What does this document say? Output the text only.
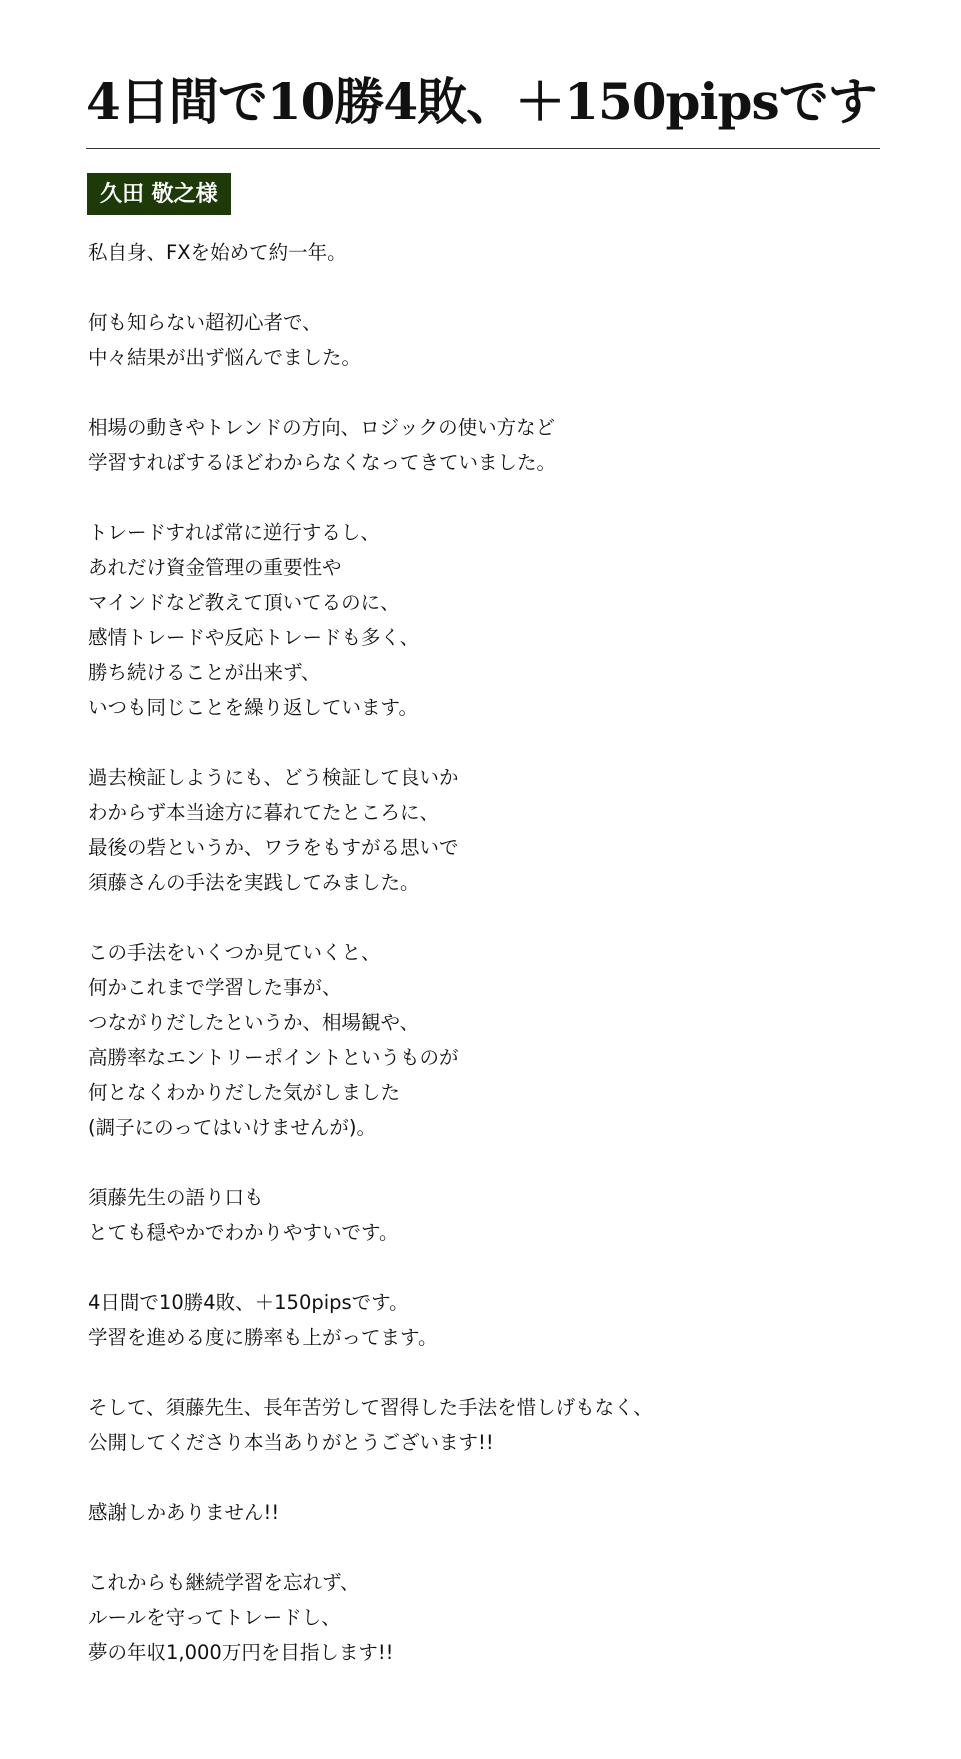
4日間で10勝4敗、＋150pipsです
久田 敬之様
私自身、FXを始めて約一年。
何も知らない超初心者で、
中々結果が出ず悩んでました。
相場の動きやトレンドの方向、ロジックの使い方など
学習すればするほどわからなくなってきていました。
トレードすれば常に逆行するし、
あれだけ資金管理の重要性や
マインドなど教えて頂いてるのに、
感情トレードや反応トレードも多く、
勝ち続けることが出来ず、
いつも同じことを繰り返しています。
過去検証しようにも、どう検証して良いか
わからず本当途方に暮れてたところに、
最後の砦というか、ワラをもすがる思いで
須藤さんの手法を実践してみました。
この手法をいくつか見ていくと、
何かこれまで学習した事が、
つながりだしたというか、相場観や、
高勝率なエントリーポイントというものが
何となくわかりだした気がしました
(調子にのってはいけませんが)。
須藤先生の語り口も
とても穏やかでわかりやすいです。
4日間で10勝4敗、＋150pipsです。
学習を進める度に勝率も上がってます。
そして、須藤先生、長年苦労して習得した手法を惜しげもなく、
公開してくださり本当ありがとうございます!!
感謝しかありません!!
これからも継続学習を忘れず、
ルールを守ってトレードし、
夢の年収1,000万円を目指します!!
